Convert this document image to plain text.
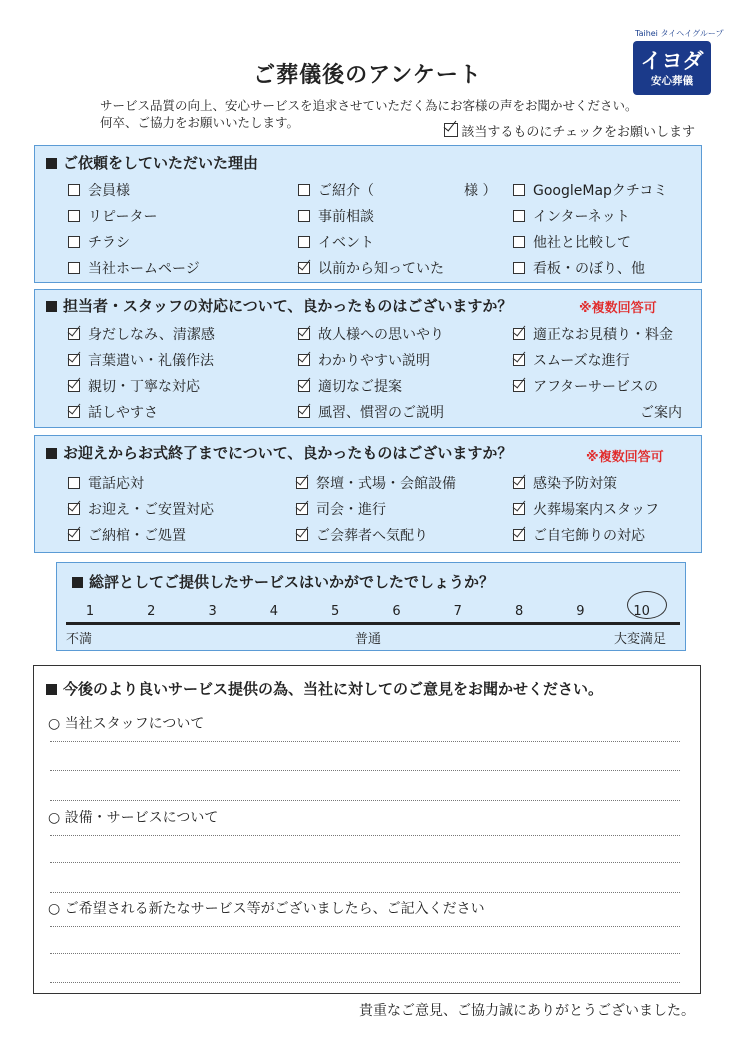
ご葬儀後のアンケート
サービス品質の向上、安心サービスを追求させていただく為にお客様の声をお聞かせください。
何卒、ご協力をお願いいたします。
該当するものにチェックをお願いします
Taihei タイヘイグループ
イヨダ
安心葬儀
ご依頼をしていただいた理由
会員様	ご紹介（	様 ）	GoogleMapクチコミ
リピーター	事前相談	インターネット
チラシ	イベント	他社と比較して
当社ホームページ	以前から知っていた	看板・のぼり、他
担当者・スタッフの対応について、良かったものはございますか？	※複数回答可
身だしなみ、清潔感	故人様への思いやり	適正なお見積り・料金
言葉遣い・礼儀作法	わかりやすい説明	スムーズな進行
親切・丁寧な対応	適切なご提案	アフターサービスの
話しやすさ	風習、慣習のご説明	ご案内
お迎えからお式終了までについて、良かったものはございますか？	※複数回答可
電話応対	祭壇・式場・会館設備	感染予防対策
お迎え・ご安置対応	司会・進行	火葬場案内スタッフ
ご納棺・ご処置	ご会葬者へ気配り	ご自宅飾りの対応
総評としてご提供したサービスはいかがでしたでしょうか？
1	2	3	4	5	6	7	8	9	10
不満	普通	大変満足
今後のより良いサービス提供の為、当社に対してのご意見をお聞かせください。
○ 当社スタッフについて
○ 設備・サービスについて
○ ご希望される新たなサービス等がございましたら、ご記入ください
貴重なご意見、ご協力誠にありがとうございました。
